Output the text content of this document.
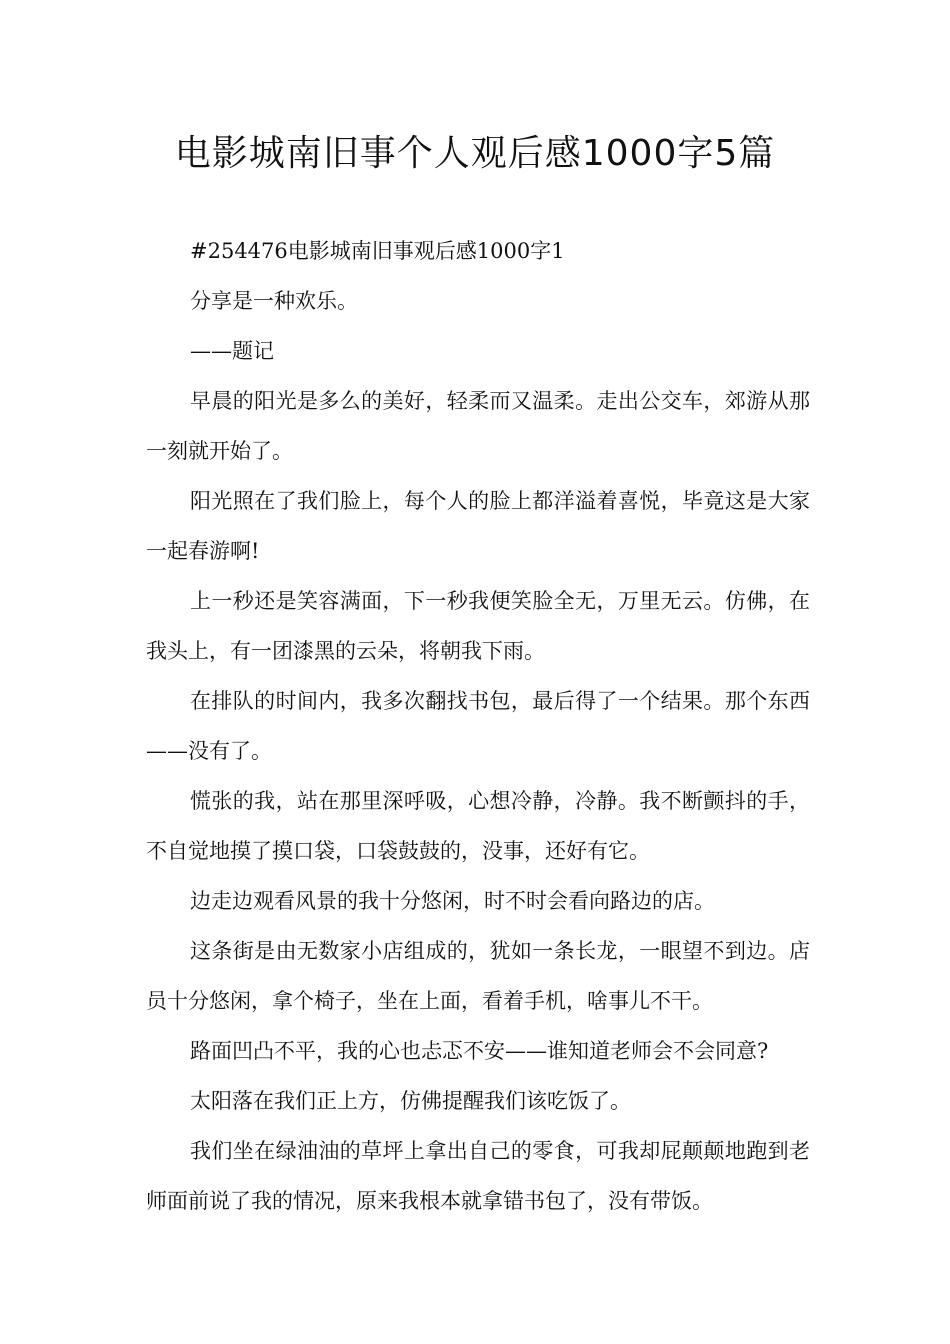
电影城南旧事个人观后感1000字5篇

#254476电影城南旧事观后感1000字1

分享是一种欢乐。

——题记

早晨的阳光是多么的美好，轻柔而又温柔。走出公交车，郊游从那一刻就开始了。

阳光照在了我们脸上，每个人的脸上都洋溢着喜悦，毕竟这是大家一起春游啊!

上一秒还是笑容满面，下一秒我便笑脸全无，万里无云。仿佛，在我头上，有一团漆黑的云朵，将朝我下雨。

在排队的时间内，我多次翻找书包，最后得了一个结果。那个东西——没有了。

慌张的我，站在那里深呼吸，心想冷静，冷静。我不断颤抖的手，不自觉地摸了摸口袋，口袋鼓鼓的，没事，还好有它。

边走边观看风景的我十分悠闲，时不时会看向路边的店。

这条街是由无数家小店组成的，犹如一条长龙，一眼望不到边。店员十分悠闲，拿个椅子，坐在上面，看着手机，啥事儿不干。

路面凹凸不平，我的心也忐忑不安——谁知道老师会不会同意?

太阳落在我们正上方，仿佛提醒我们该吃饭了。

我们坐在绿油油的草坪上拿出自己的零食，可我却屁颠颠地跑到老师面前说了我的情况，原来我根本就拿错书包了，没有带饭。
